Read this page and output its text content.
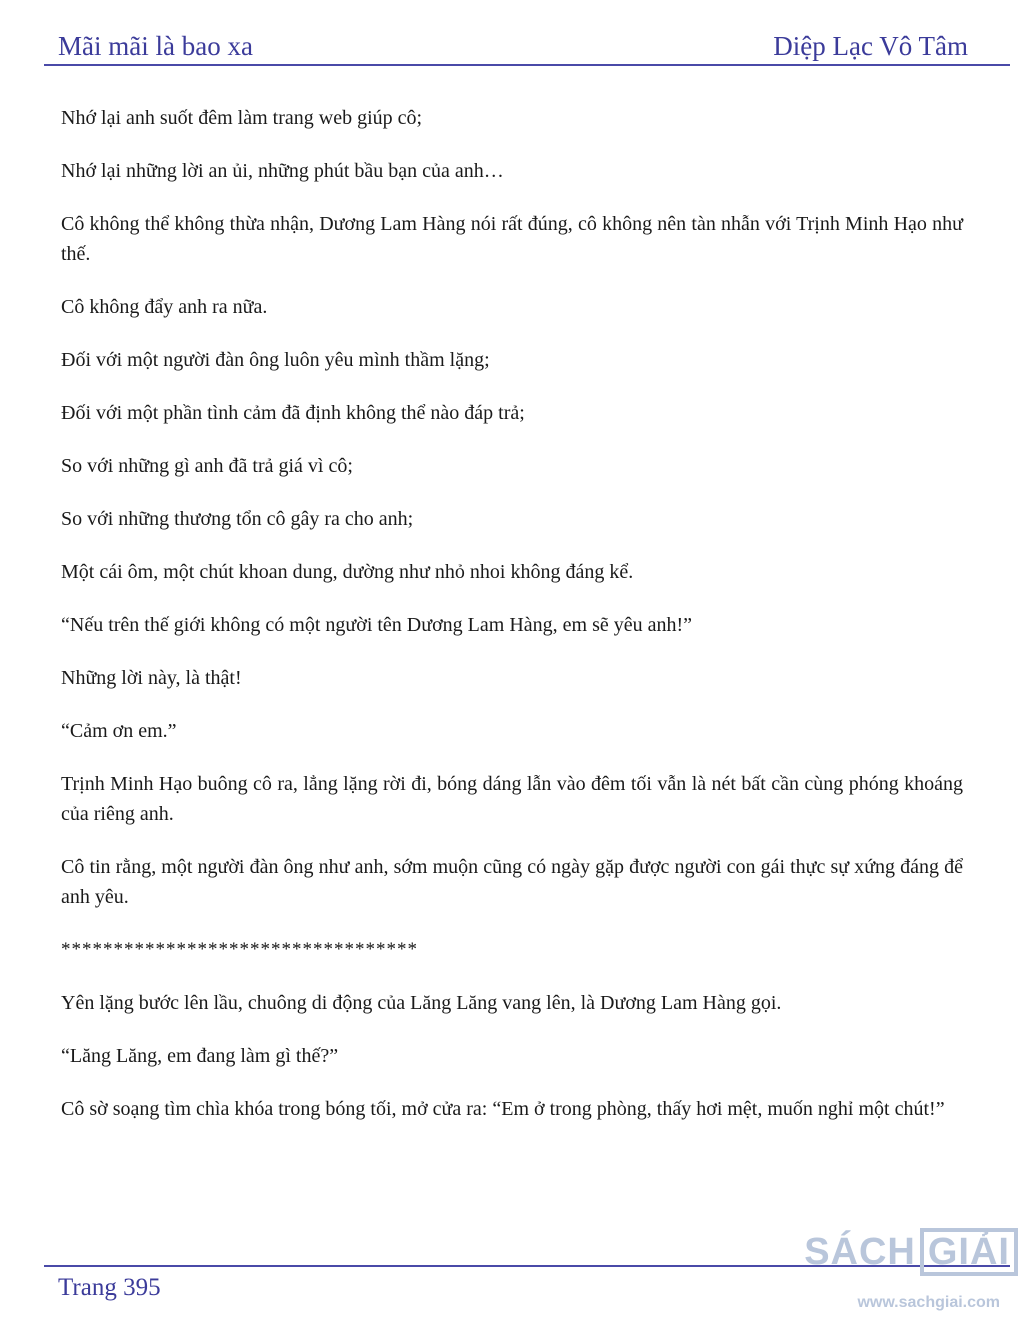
Mãi mãi là bao xa	Diệp Lạc Vô Tâm

Nhớ lại anh suốt đêm làm trang web giúp cô;

Nhớ lại những lời an ủi, những phút bầu bạn của anh…

Cô không thể không thừa nhận, Dương Lam Hàng nói rất đúng, cô không nên tàn nhẫn với Trịnh Minh Hạo như thế.

Cô không đẩy anh ra nữa.

Đối với một người đàn ông luôn yêu mình thầm lặng;

Đối với một phần tình cảm đã định không thể nào đáp trả;

So với những gì anh đã trả giá vì cô;

So với những thương tổn cô gây ra cho anh;

Một cái ôm, một chút khoan dung, dường như nhỏ nhoi không đáng kể.

“Nếu trên thế giới không có một người tên Dương Lam Hàng, em sẽ yêu anh!”

Những lời này, là thật!

“Cảm ơn em.”

Trịnh Minh Hạo buông cô ra, lẳng lặng rời đi, bóng dáng lẫn vào đêm tối vẫn là nét bất cần cùng phóng khoáng của riêng anh.

Cô tin rằng, một người đàn ông như anh, sớm muộn cũng có ngày gặp được người con gái thực sự xứng đáng để anh yêu.

**********************************

Yên lặng bước lên lầu, chuông di động của Lăng Lăng vang lên, là Dương Lam Hàng gọi.

“Lăng Lăng, em đang làm gì thế?”

Cô sờ soạng tìm chìa khóa trong bóng tối, mở cửa ra: “Em ở trong phòng, thấy hơi mệt, muốn nghỉ một chút!”

Trang 395
SÁCH GIẢI
www.sachgiai.com
